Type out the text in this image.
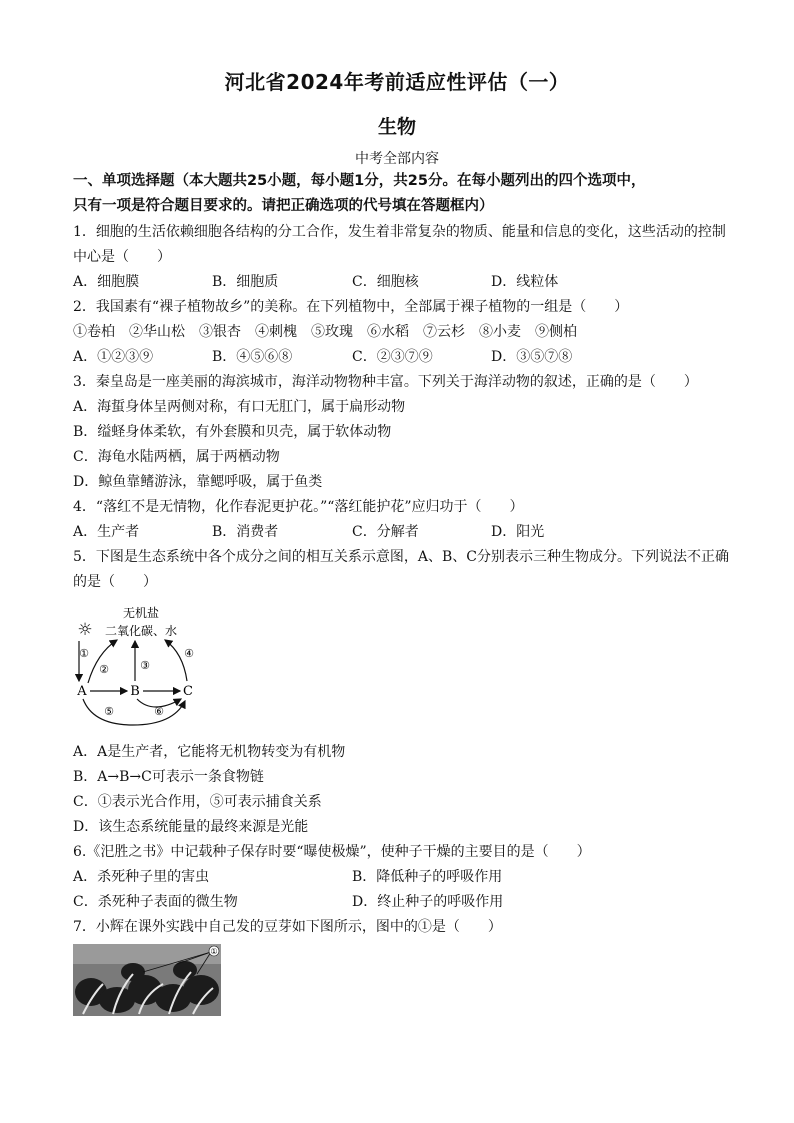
河北省2024年考前适应性评估（一）
生物
中考全部内容
一、单项选择题（本大题共25小题，每小题1分，共25分。在每小题列出的四个选项中，
只有一项是符合题目要求的。请把正确选项的代号填在答题框内）
1．细胞的生活依赖细胞各结构的分工合作，发生着非常复杂的物质、能量和信息的变化，这些活动的控制
中心是（　　）
A．细胞膜	B．细胞质	C．细胞核	D．线粒体
2．我国素有“裸子植物故乡”的美称。在下列植物中，全部属于裸子植物的一组是（　　）
①卷柏　②华山松　③银杏　④刺槐　⑤玫瑰　⑥水稻　⑦云杉　⑧小麦　⑨侧柏
A．①②③⑨	B．④⑤⑥⑧	C．②③⑦⑨	D．③⑤⑦⑧
3．秦皇岛是一座美丽的海滨城市，海洋动物物种丰富。下列关于海洋动物的叙述，正确的是（　　）
A．海蜇身体呈两侧对称，有口无肛门，属于扁形动物
B．缢蛏身体柔软，有外套膜和贝壳，属于软体动物
C．海龟水陆两栖，属于两栖动物
D．鲸鱼靠鳍游泳，靠鳃呼吸，属于鱼类
4．“落红不是无情物，化作春泥更护花。”“落红能护花”应归功于（　　）
A．生产者	B．消费者	C．分解者	D．阳光
5．下图是生态系统中各个成分之间的相互关系示意图，A、B、C分别表示三种生物成分。下列说法不正确
的是（　　）
☼
无机盐
二氧化碳、水
A	B	C
①
②	③
④
⑤	⑥
A．A是生产者，它能将无机物转变为有机物
B．A→B→C可表示一条食物链
C．①表示光合作用，⑤可表示捕食关系
D．该生态系统能量的最终来源是光能
6.《汜胜之书》中记载种子保存时要“曝使极燥”，使种子干燥的主要目的是（　　）
A．杀死种子里的害虫	B．降低种子的呼吸作用
C．杀死种子表面的微生物	D．终止种子的呼吸作用
7．小辉在课外实践中自己发的豆芽如下图所示，图中的①是（　　）
①
